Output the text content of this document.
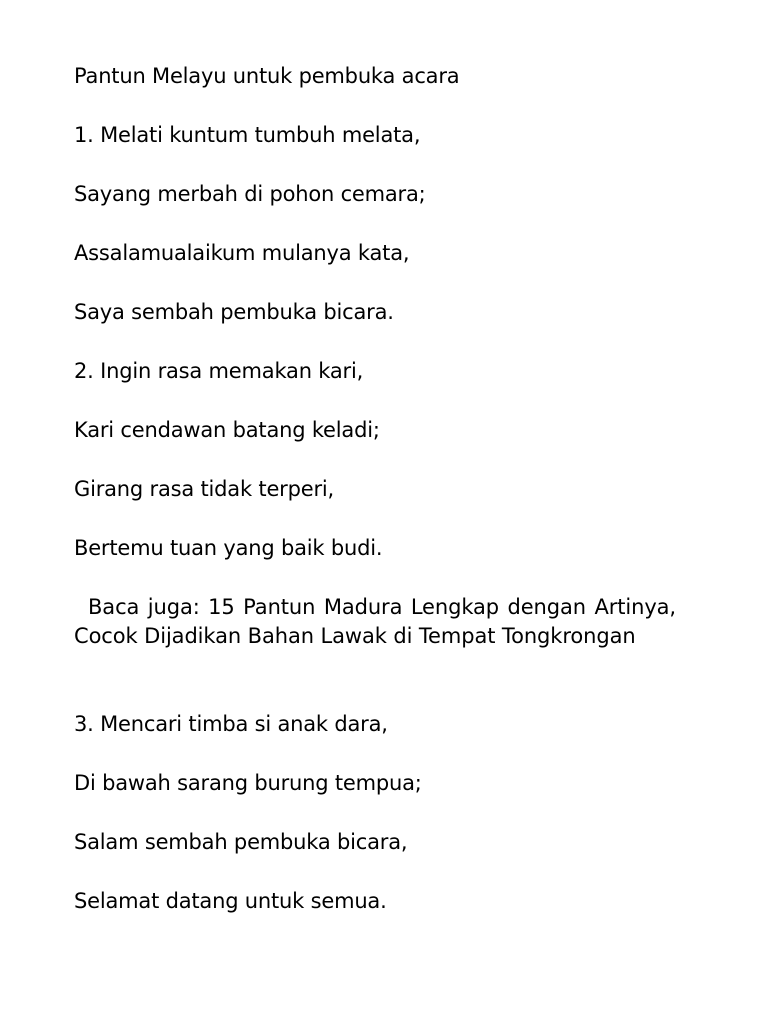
Pantun Melayu untuk pembuka acara
1. Melati kuntum tumbuh melata,
Sayang merbah di pohon cemara;
Assalamualaikum mulanya kata,
Saya sembah pembuka bicara.
2. Ingin rasa memakan kari,
Kari cendawan batang keladi;
Girang rasa tidak terperi,
Bertemu tuan yang baik budi.
Baca juga: 15 Pantun Madura Lengkap dengan Artinya, Cocok Dijadikan Bahan Lawak di Tempat Tongkrongan
3. Mencari timba si anak dara,
Di bawah sarang burung tempua;
Salam sembah pembuka bicara,
Selamat datang untuk semua.
